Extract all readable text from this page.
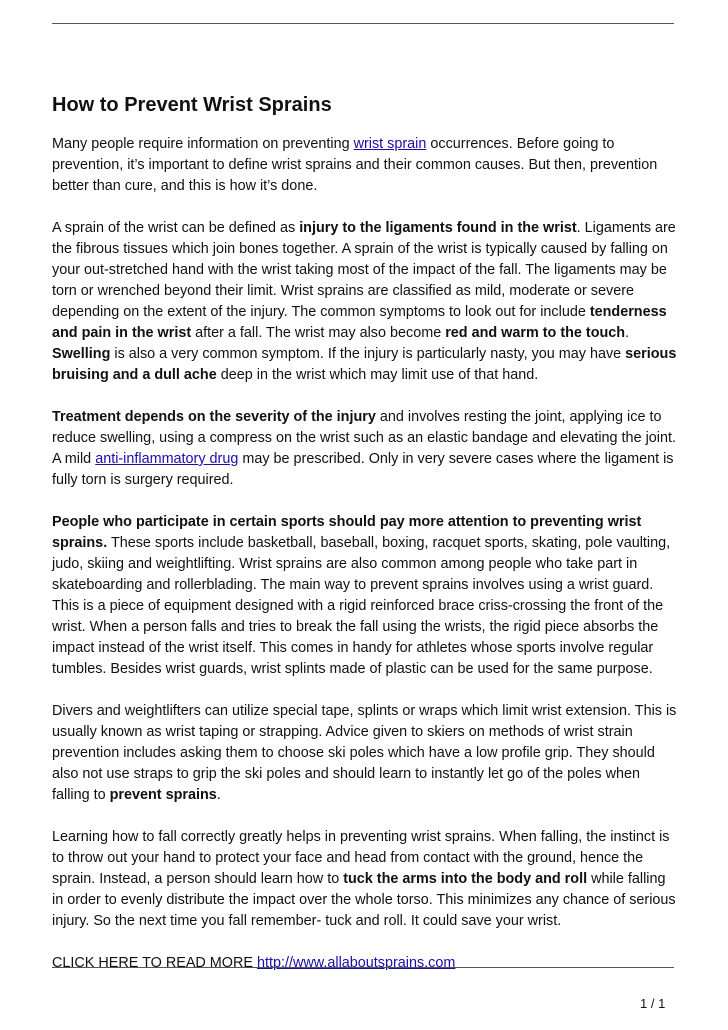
How to Prevent Wrist Sprains

Many people require information on preventing wrist sprain occurrences. Before going to prevention, it’s important to define wrist sprains and their common causes. But then, prevention better than cure, and this is how it’s done.

A sprain of the wrist can be defined as injury to the ligaments found in the wrist. Ligaments are the fibrous tissues which join bones together. A sprain of the wrist is typically caused by falling on your out-stretched hand with the wrist taking most of the impact of the fall. The ligaments may be torn or wrenched beyond their limit. Wrist sprains are classified as mild, moderate or severe depending on the extent of the injury. The common symptoms to look out for include tenderness and pain in the wrist after a fall. The wrist may also become red and warm to the touch. Swelling is also a very common symptom. If the injury is particularly nasty, you may have serious bruising and a dull ache deep in the wrist which may limit use of that hand.

Treatment depends on the severity of the injury and involves resting the joint, applying ice to reduce swelling, using a compress on the wrist such as an elastic bandage and elevating the joint. A mild anti-inflammatory drug may be prescribed. Only in very severe cases where the ligament is fully torn is surgery required.

People who participate in certain sports should pay more attention to preventing wrist sprains. These sports include basketball, baseball, boxing, racquet sports, skating, pole vaulting, judo, skiing and weightlifting. Wrist sprains are also common among people who take part in skateboarding and rollerblading. The main way to prevent sprains involves using a wrist guard. This is a piece of equipment designed with a rigid reinforced brace criss-crossing the front of the wrist. When a person falls and tries to break the fall using the wrists, the rigid piece absorbs the impact instead of the wrist itself. This comes in handy for athletes whose sports involve regular tumbles. Besides wrist guards, wrist splints made of plastic can be used for the same purpose.

Divers and weightlifters can utilize special tape, splints or wraps which limit wrist extension. This is usually known as wrist taping or strapping. Advice given to skiers on methods of wrist strain prevention includes asking them to choose ski poles which have a low profile grip. They should also not use straps to grip the ski poles and should learn to instantly let go of the poles when falling to prevent sprains.

Learning how to fall correctly greatly helps in preventing wrist sprains. When falling, the instinct is to throw out your hand to protect your face and head from contact with the ground, hence the sprain. Instead, a person should learn how to tuck the arms into the body and roll while falling in order to evenly distribute the impact over the whole torso. This minimizes any chance of serious injury. So the next time you fall remember- tuck and roll. It could save your wrist.

CLICK HERE TO READ MORE http://www.allaboutsprains.com

1 / 1
